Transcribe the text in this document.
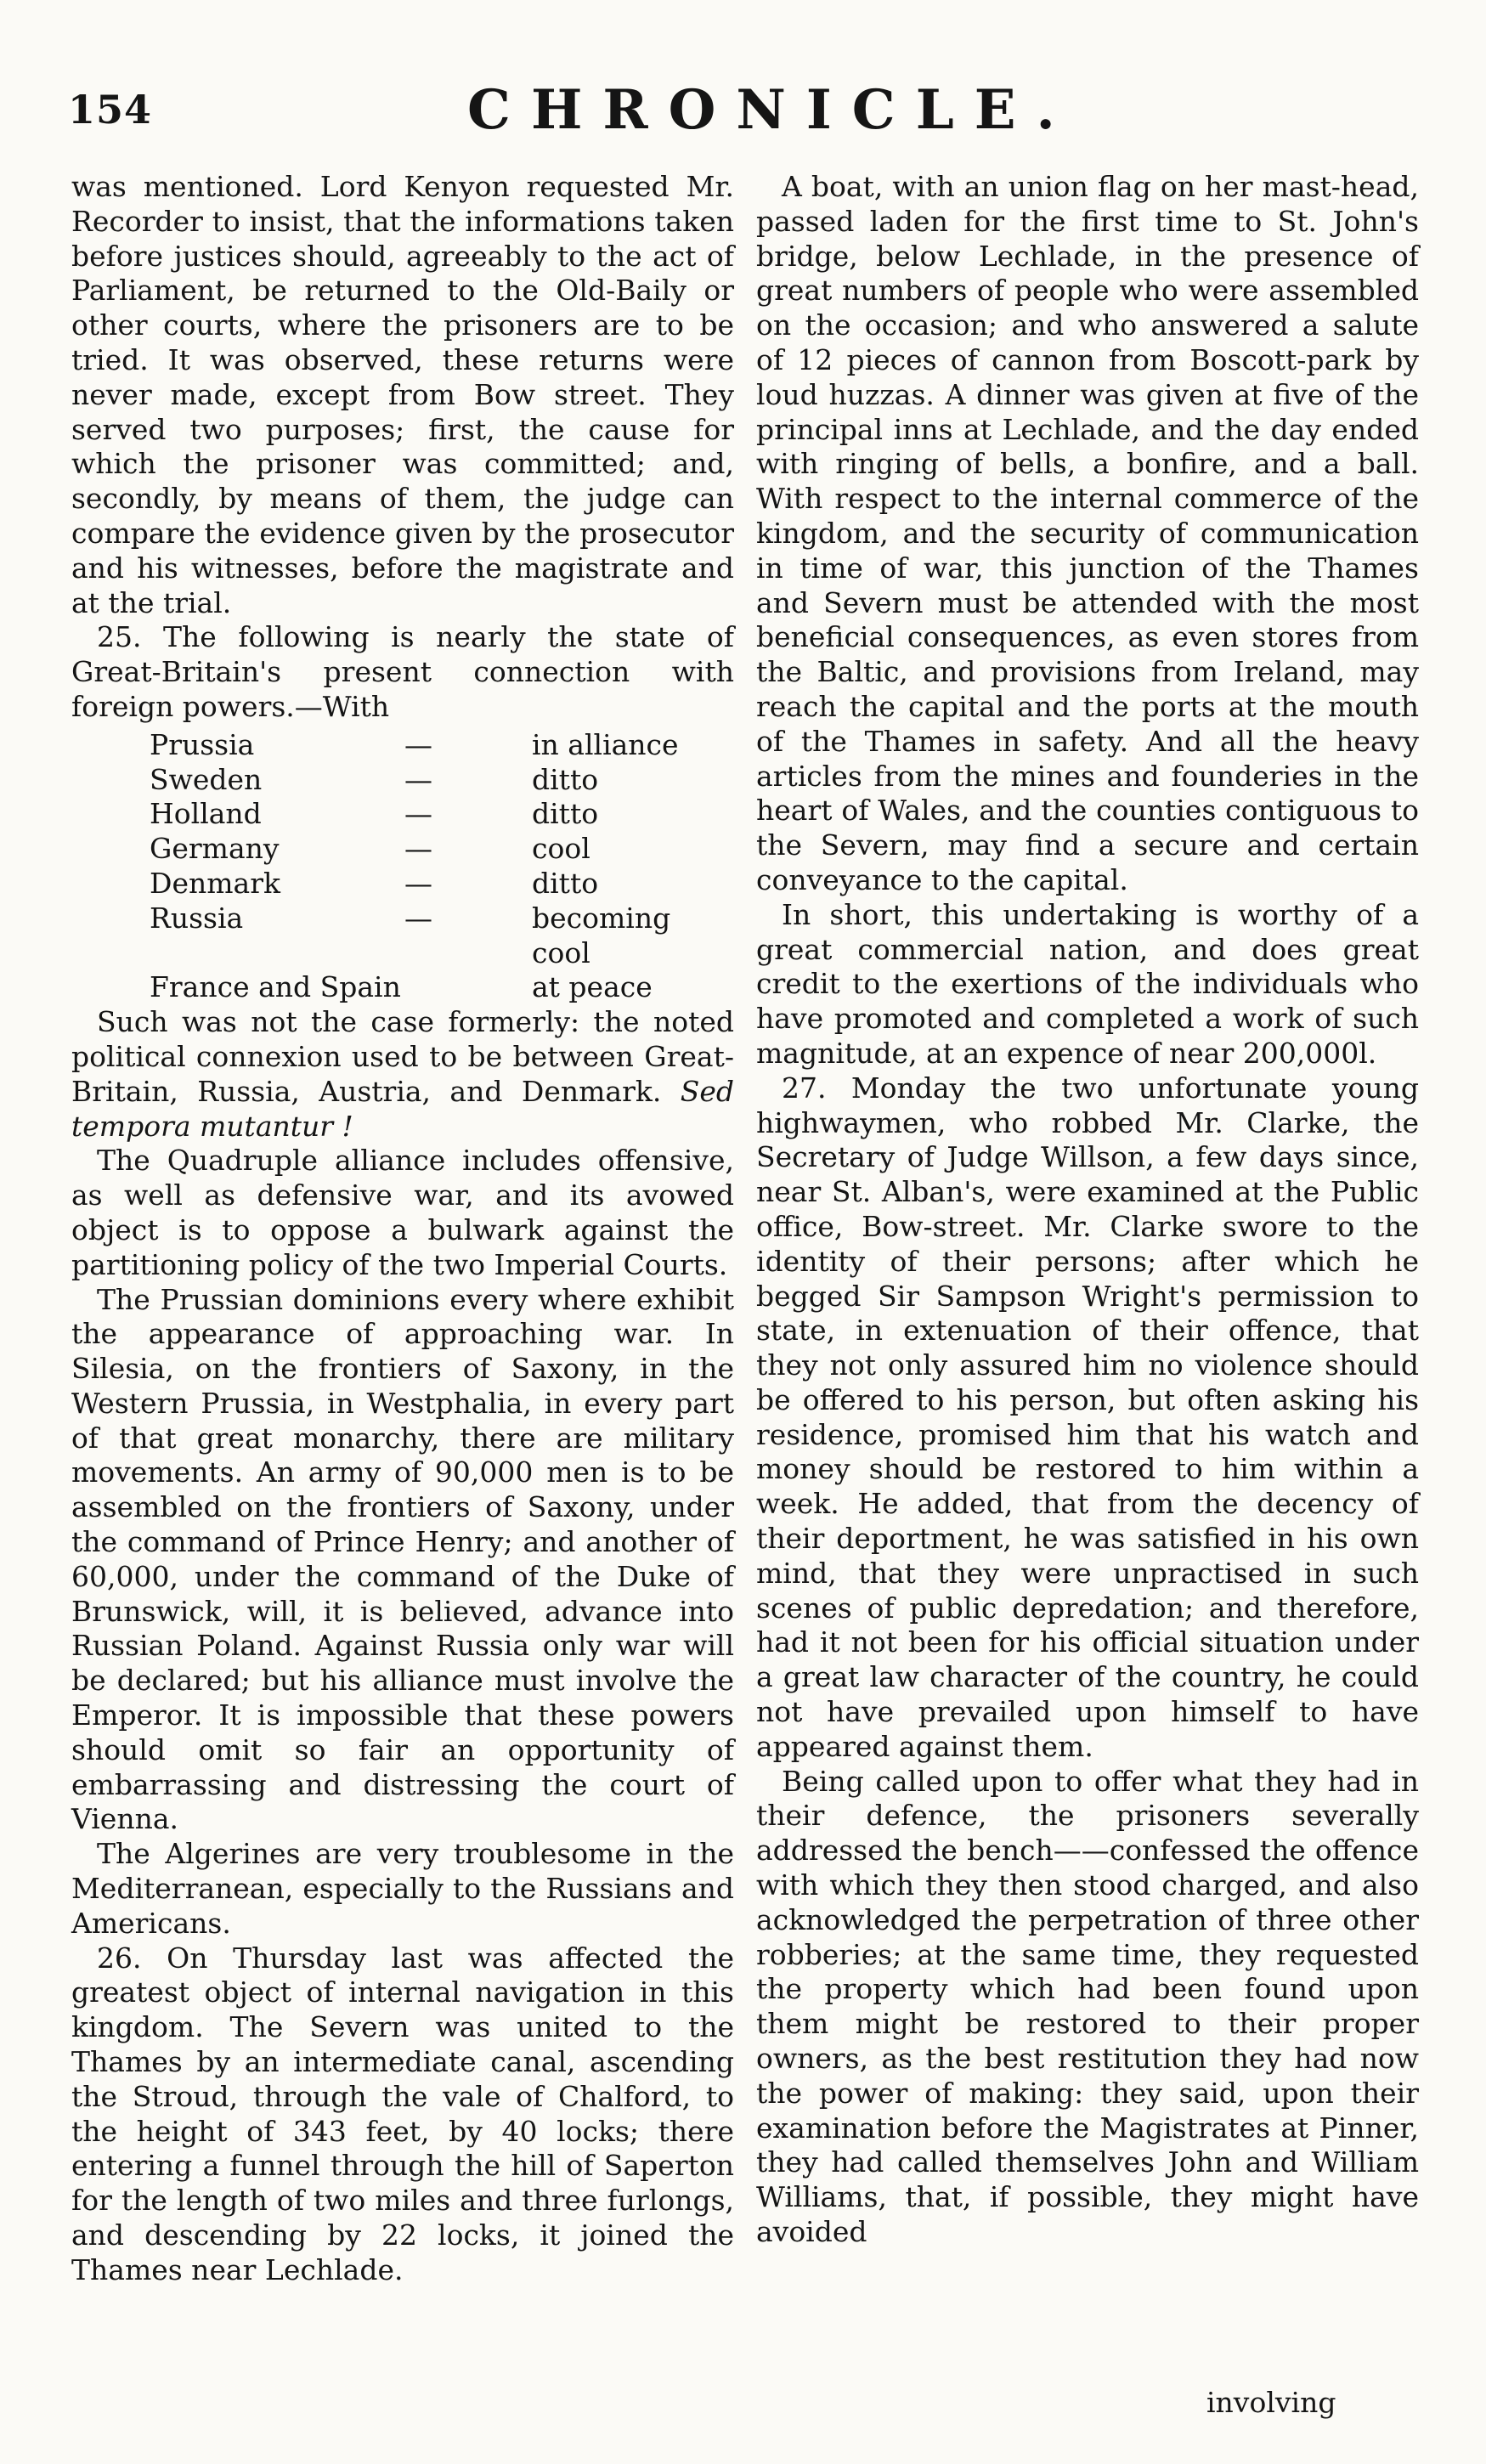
154	CHRONICLE.

was mentioned. Lord Kenyon requested Mr. Recorder to insist, that the informations taken before justices should, agreeably to the act of Parliament, be returned to the Old-Baily or other courts, where the prisoners are to be tried. It was observed, these returns were never made, except from Bow street. They served two purposes; first, the cause for which the prisoner was committed; and, secondly, by means of them, the judge can compare the evidence given by the prosecutor and his witnesses, before the magistrate and at the trial.

25. The following is nearly the state of Great-Britain's present connection with foreign powers.—With

Prussia	—	in alliance
Sweden	—	ditto
Holland	—	ditto
Germany	—	cool
Denmark	—	ditto
Russia	—	becoming cool
France and Spain		at peace

Such was not the case formerly: the noted political connexion used to be between Great-Britain, Russia, Austria, and Denmark. Sed tempora mutantur !

The Quadruple alliance includes offensive, as well as defensive war, and its avowed object is to oppose a bulwark against the partitioning policy of the two Imperial Courts.

The Prussian dominions every where exhibit the appearance of approaching war. In Silesia, on the frontiers of Saxony, in the Western Prussia, in Westphalia, in every part of that great monarchy, there are military movements. An army of 90,000 men is to be assembled on the frontiers of Saxony, under the command of Prince Henry; and another of 60,000, under the command of the Duke of Brunswick, will, it is believed, advance into Russian Poland. Against Russia only war will be declared; but his alliance must involve the Emperor. It is impossible that these powers should omit so fair an opportunity of embarrassing and distressing the court of Vienna.

The Algerines are very troublesome in the Mediterranean, especially to the Russians and Americans.

26. On Thursday last was affected the greatest object of internal navigation in this kingdom. The Severn was united to the Thames by an intermediate canal, ascending the Stroud, through the vale of Chalford, to the height of 343 feet, by 40 locks; there entering a funnel through the hill of Saperton for the length of two miles and three furlongs, and descending by 22 locks, it joined the Thames near Lechlade.

A boat, with an union flag on her mast-head, passed laden for the first time to St. John's bridge, below Lechlade, in the presence of great numbers of people who were assembled on the occasion; and who answered a salute of 12 pieces of cannon from Boscott-park by loud huzzas. A dinner was given at five of the principal inns at Lechlade, and the day ended with ringing of bells, a bonfire, and a ball. With respect to the internal commerce of the kingdom, and the security of communication in time of war, this junction of the Thames and Severn must be attended with the most beneficial consequences, as even stores from the Baltic, and provisions from Ireland, may reach the capital and the ports at the mouth of the Thames in safety. And all the heavy articles from the mines and founderies in the heart of Wales, and the counties contiguous to the Severn, may find a secure and certain conveyance to the capital.

In short, this undertaking is worthy of a great commercial nation, and does great credit to the exertions of the individuals who have promoted and completed a work of such magnitude, at an expence of near 200,000l.

27. Monday the two unfortunate young highwaymen, who robbed Mr. Clarke, the Secretary of Judge Willson, a few days since, near St. Alban's, were examined at the Public office, Bow-street. Mr. Clarke swore to the identity of their persons; after which he begged Sir Sampson Wright's permission to state, in extenuation of their offence, that they not only assured him no violence should be offered to his person, but often asking his residence, promised him that his watch and money should be restored to him within a week. He added, that from the decency of their deportment, he was satisfied in his own mind, that they were unpractised in such scenes of public depredation; and therefore, had it not been for his official situation under a great law character of the country, he could not have prevailed upon himself to have appeared against them.

Being called upon to offer what they had in their defence, the prisoners severally addressed the bench——confessed the offence with which they then stood charged, and also acknowledged the perpetration of three other robberies; at the same time, they requested the property which had been found upon them might be restored to their proper owners, as the best restitution they had now the power of making: they said, upon their examination before the Magistrates at Pinner, they had called themselves John and William Williams, that, if possible, they might have avoided

involving
